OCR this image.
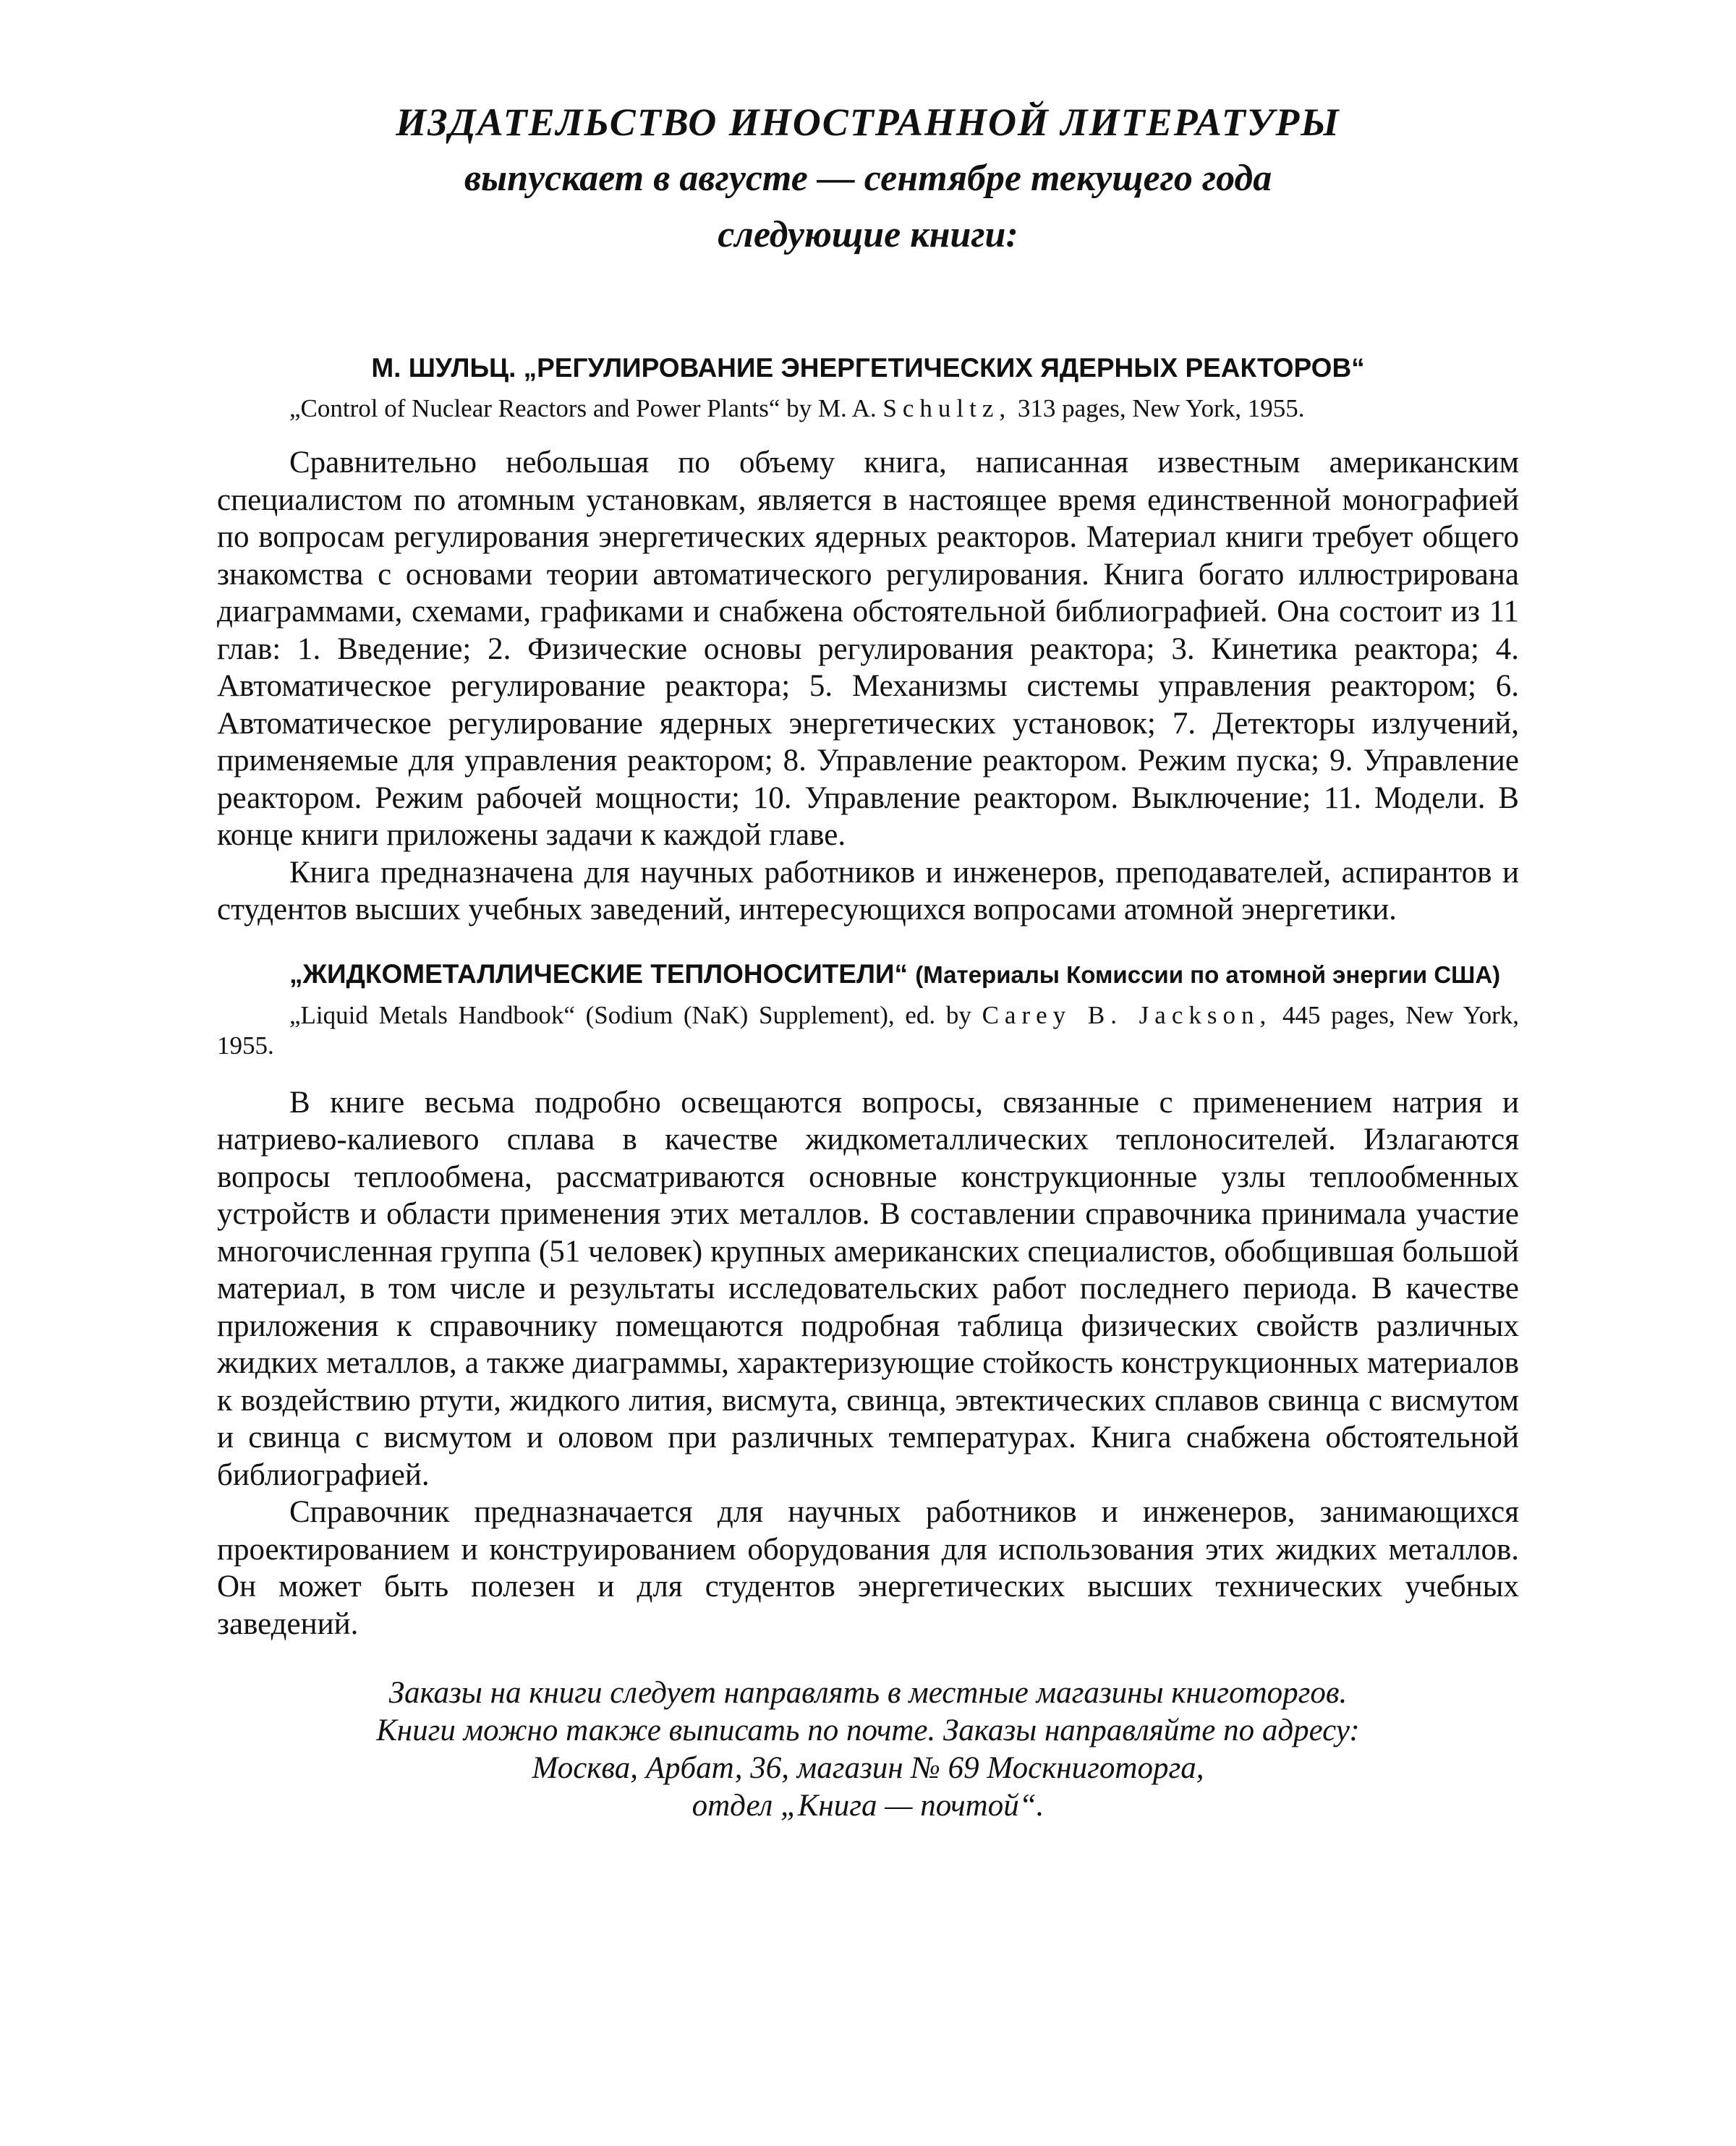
ИЗДАТЕЛЬСТВО ИНОСТРАННОЙ ЛИТЕРАТУРЫ
выпускает в августе — сентябре текущего года
следующие книги:

М. ШУЛЬЦ. „РЕГУЛИРОВАНИЕ ЭНЕРГЕТИЧЕСКИХ ЯДЕРНЫХ РЕАКТОРОВ“

„Control of Nuclear Reactors and Power Plants“ by M. A. Schultz, 313 pages, New York, 1955.

Сравнительно небольшая по объему книга, написанная известным американским специалистом по атомным установкам, является в настоящее время единственной монографией по вопросам регулирования энергетических ядерных реакторов. Материал книги требует общего знакомства с основами теории автоматического регулирования. Книга богато иллюстрирована диаграммами, схемами, графиками и снабжена обстоятельной библиографией. Она состоит из 11 глав: 1. Введение; 2. Физические основы регулирования реактора; 3. Кинетика реактора; 4. Автоматическое регулирование реактора; 5. Механизмы системы управления реактором; 6. Автоматическое регулирование ядерных энергетических установок; 7. Детекторы излучений, применяемые для управления реактором; 8. Управление реактором. Режим пуска; 9. Управление реактором. Режим рабочей мощности; 10. Управление реактором. Выключение; 11. Модели. В конце книги приложены задачи к каждой главе.

Книга предназначена для научных работников и инженеров, преподавателей, аспирантов и студентов высших учебных заведений, интересующихся вопросами атомной энергетики.

„ЖИДКОМЕТАЛЛИЧЕСКИЕ ТЕПЛОНОСИТЕЛИ“ (Материалы Комиссии по атомной энергии США)

„Liquid Metals Handbook“ (Sodium (NaK) Supplement), ed. by Carey B. Jackson, 445 pages, New York, 1955.

В книге весьма подробно освещаются вопросы, связанные с применением натрия и натриево-калиевого сплава в качестве жидкометаллических теплоносителей. Излагаются вопросы теплообмена, рассматриваются основные конструкционные узлы теплообменных устройств и области применения этих металлов. В составлении справочника принимала участие многочисленная группа (51 человек) крупных американских специалистов, обобщившая большой материал, в том числе и результаты исследовательских работ последнего периода. В качестве приложения к справочнику помещаются подробная таблица физических свойств различных жидких металлов, а также диаграммы, характеризующие стойкость конструкционных материалов к воздействию ртути, жидкого лития, висмута, свинца, эвтектических сплавов свинца с висмутом и свинца с висмутом и оловом при различных температурах. Книга снабжена обстоятельной библиографией.

Справочник предназначается для научных работников и инженеров, занимающихся проектированием и конструированием оборудования для использования этих жидких металлов. Он может быть полезен и для студентов энергетических высших технических учебных заведений.

Заказы на книги следует направлять в местные магазины книготоргов.
Книги можно также выписать по почте. Заказы направляйте по адресу:
Москва, Арбат, 36, магазин № 69 Москниготорга,
отдел „Книга — почтой“.
